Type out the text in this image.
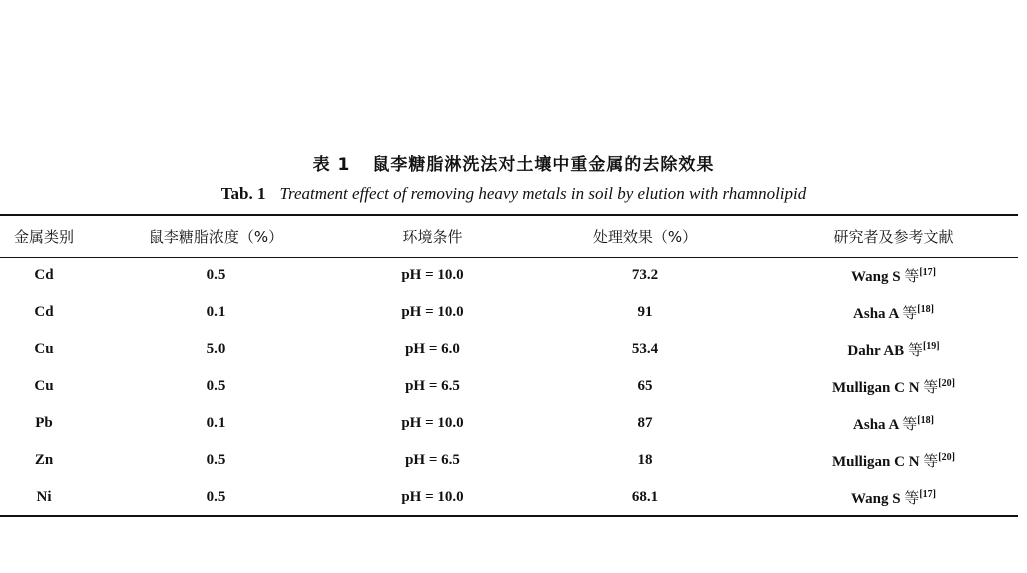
表 1 鼠李糖脂淋洗法对土壤中重金属的去除效果
Tab. 1 Treatment effect of removing heavy metals in soil by elution with rhamnolipid
金属类别	鼠李糖脂浓度（%）	环境条件	处理效果（%）	研究者及参考文献
Cd	0.5	pH = 10.0	73.2	Wang S 等[17]
Cd	0.1	pH = 10.0	91	Asha A 等[18]
Cu	5.0	pH = 6.0	53.4	Dahr AB 等[19]
Cu	0.5	pH = 6.5	65	Mulligan C N 等[20]
Pb	0.1	pH = 10.0	87	Asha A 等[18]
Zn	0.5	pH = 6.5	18	Mulligan C N 等[20]
Ni	0.5	pH = 10.0	68.1	Wang S 等[17]
